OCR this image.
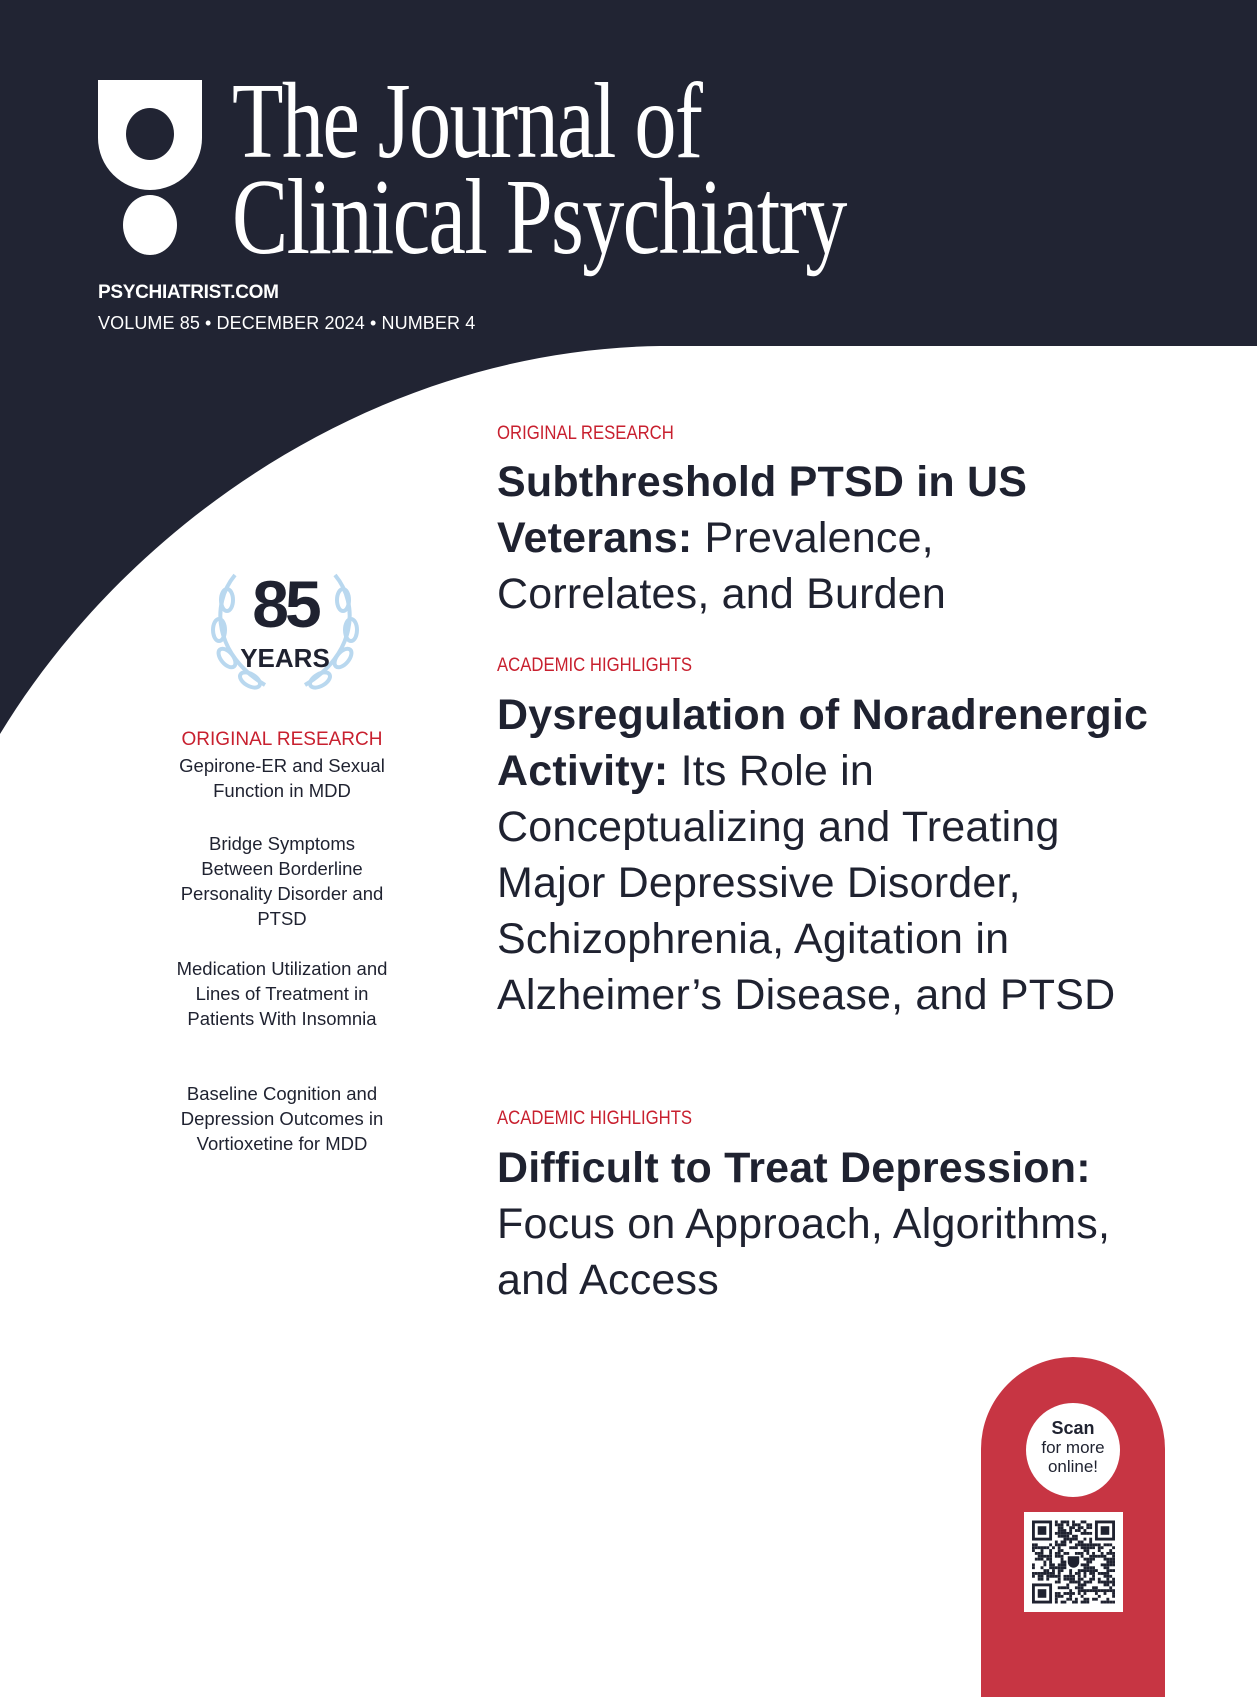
The Journal of
Clinical Psychiatry
PSYCHIATRIST.COM
VOLUME 85 • DECEMBER 2024 • NUMBER 4
85
YEARS
ORIGINAL RESEARCH
Gepirone-ER and Sexual Function in MDD
Bridge Symptoms Between Borderline Personality Disorder and PTSD
Medication Utilization and Lines of Treatment in Patients With Insomnia
Baseline Cognition and Depression Outcomes in Vortioxetine for MDD
ORIGINAL RESEARCH
Subthreshold PTSD in US Veterans: Prevalence, Correlates, and Burden
ACADEMIC HIGHLIGHTS
Dysregulation of Noradrenergic Activity: Its Role in Conceptualizing and Treating Major Depressive Disorder, Schizophrenia, Agitation in Alzheimer’s Disease, and PTSD
ACADEMIC HIGHLIGHTS
Difficult to Treat Depression: Focus on Approach, Algorithms, and Access
Scan
for more
online!
